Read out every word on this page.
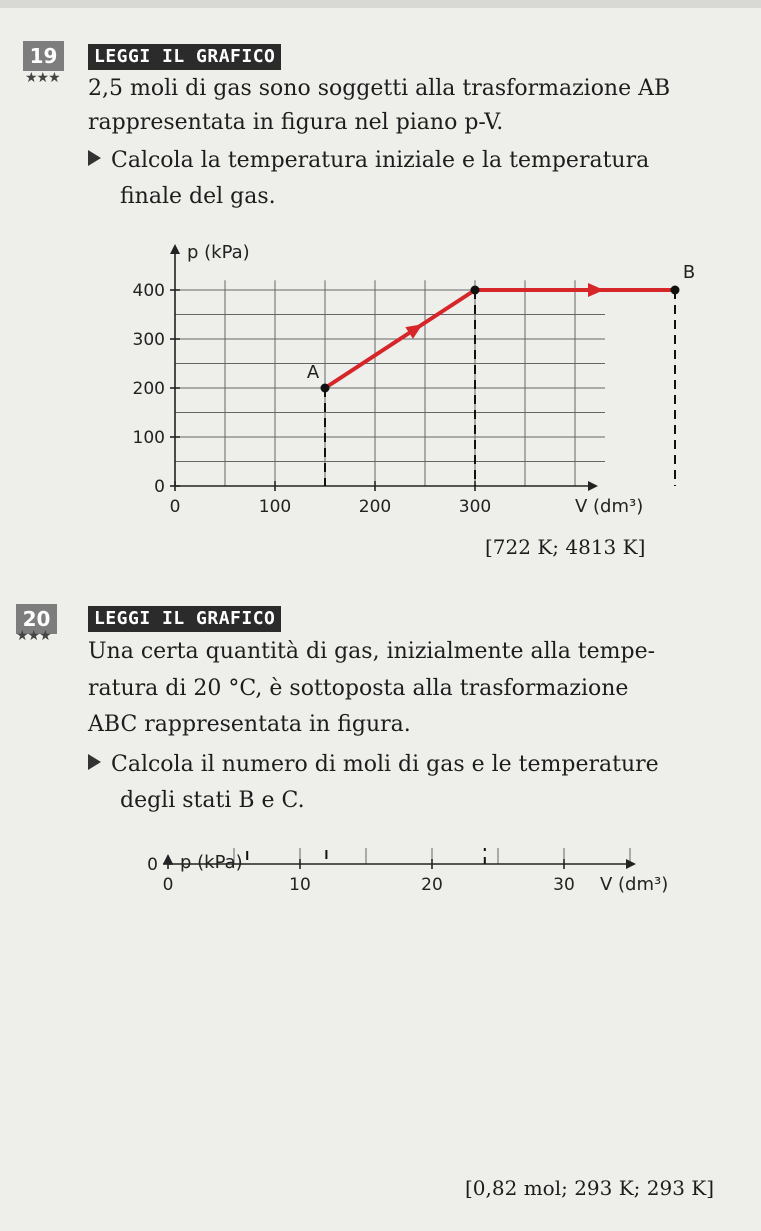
19	LEGGI IL GRAFICO
★★★ 2,5 moli di gas sono soggetti alla trasformazione AB
rappresentata in figura nel piano p-V.
Calcola la temperatura iniziale e la temperatura
finale del gas.
0
100
200
300
400
0	100	200	300
p (kPa)
V (dm³)
A
B
[722 K; 4813 K]
20	LEGGI IL GRAFICO
★★★
Una certa quantità di gas, inizialmente alla tempe-
ratura di 20 °C, è sottoposta alla trasformazione
ABC rappresentata in figura.
Calcola il numero di moli di gas e le temperature
degli stati B e C.
0
0	10	20	30
p (kPa)
V (dm³)
[0,82 mol; 293 K; 293 K]
